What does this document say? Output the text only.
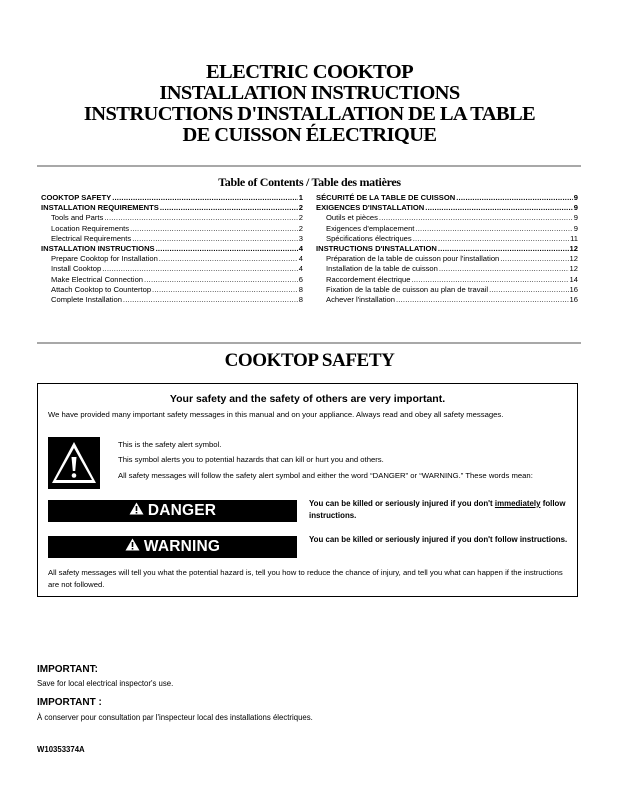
ELECTRIC COOKTOP
INSTALLATION INSTRUCTIONS
INSTRUCTIONS D'INSTALLATION DE LA TABLE
DE CUISSON ÉLECTRIQUE
Table of Contents / Table des matières
COOKTOP SAFETY .....	1
INSTALLATION REQUIREMENTS .....	2
Tools and Parts .....	2
Location Requirements .....	2
Electrical Requirements .....	3
INSTALLATION INSTRUCTIONS .....	4
Prepare Cooktop for Installation .....	4
Install Cooktop .....	4
Make Electrical Connection .....	6
Attach Cooktop to Countertop .....	8
Complete Installation .....	8
SÉCURITÉ DE LA TABLE DE CUISSON .....	9
EXIGENCES D'INSTALLATION .....	9
Outils et pièces .....	9
Exigences d'emplacement .....	9
Spécifications électriques .....	11
INSTRUCTIONS D'INSTALLATION .....	12
Préparation de la table de cuisson pour l'installation .....	12
Installation de la table de cuisson .....	12
Raccordement électrique .....	14
Fixation de la table de cuisson au plan de travail .....	16
Achever l'installation .....	16
COOKTOP SAFETY
Your safety and the safety of others are very important.
We have provided many important safety messages in this manual and on your appliance. Always read and obey all safety messages.

This is the safety alert symbol.

This symbol alerts you to potential hazards that can kill or hurt you and others.

All safety messages will follow the safety alert symbol and either the word “DANGER” or “WARNING.” These words mean:

DANGER	You can be killed or seriously injured if you don't immediately follow instructions.
WARNING	You can be killed or seriously injured if you don't follow instructions.
All safety messages will tell you what the potential hazard is, tell you how to reduce the chance of injury, and tell you what can happen if the instructions are not followed.
IMPORTANT:
Save for local electrical inspector's use.
IMPORTANT :
À conserver pour consultation par l'inspecteur local des installations électriques.
W10353374A
